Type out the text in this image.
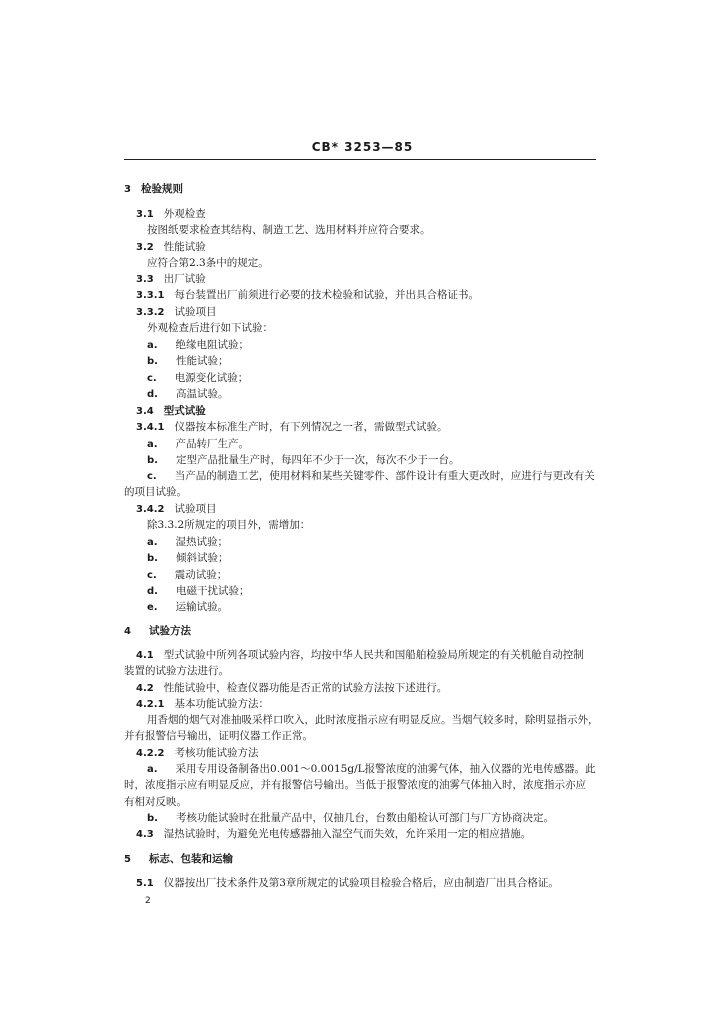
CB* 3253—85
3 检验规则
3.1 外观检查
按图纸要求检查其结构、制造工艺、选用材料并应符合要求。
3.2 性能试验
应符合第2.3条中的规定。
3.3 出厂试验
3.3.1 每台装置出厂前须进行必要的技术检验和试验，并出具合格证书。
3.3.2 试验项目
外观检查后进行如下试验：
a. 绝缘电阻试验；
b. 性能试验；
c. 电源变化试验；
d. 高温试验。
3.4 型式试验
3.4.1 仪器按本标准生产时，有下列情况之一者，需做型式试验。
a. 产品转厂生产。
b. 定型产品批量生产时，每四年不少于一次，每次不少于一台。
c. 当产品的制造工艺，使用材料和某些关键零件、部件设计有重大更改时，应进行与更改有关
的项目试验。
3.4.2 试验项目
除3.3.2所规定的项目外，需增加：
a. 湿热试验；
b. 倾斜试验；
c. 震动试验；
d. 电磁干扰试验；
e. 运输试验。
4 试验方法
4.1 型式试验中所列各项试验内容，均按中华人民共和国船舶检验局所规定的有关机舱自动控制
装置的试验方法进行。
4.2 性能试验中，检查仪器功能是否正常的试验方法按下述进行。
4.2.1 基本功能试验方法：
用香烟的烟气对准抽吸采样口吹入，此时浓度指示应有明显反应。当烟气较多时，除明显指示外，
并有报警信号输出，证明仪器工作正常。
4.2.2 考核功能试验方法
a. 采用专用设备制备出0.001～0.0015g/L报警浓度的油雾气体，抽入仪器的光电传感器。此
时，浓度指示应有明显反应，并有报警信号输出。当低于报警浓度的油雾气体抽入时，浓度指示亦应
有相对反映。
b. 考核功能试验时在批量产品中，仅抽几台，台数由船检认可部门与厂方协商决定。
4.3 湿热试验时，为避免光电传感器抽入湿空气而失效，允许采用一定的相应措施。
5 标志、包装和运输
5.1 仪器按出厂技术条件及第3章所规定的试验项目检验合格后，应由制造厂出具合格证。
2
